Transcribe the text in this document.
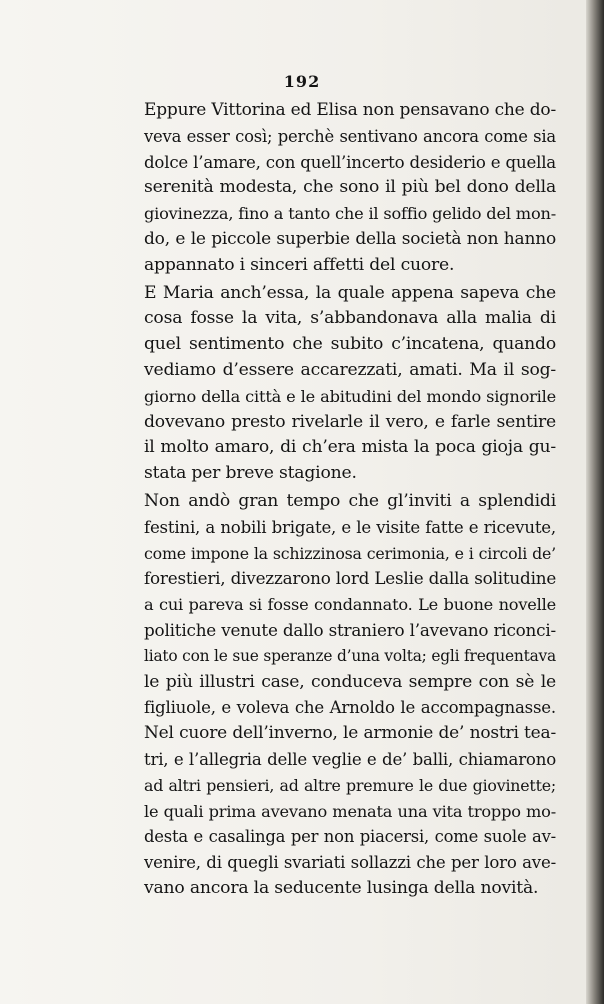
192

Eppure Vittorina ed Elisa non pensavano che do-
veva esser così; perchè sentivano ancora come sia
dolce l’amare, con quell’incerto desiderio e quella
serenità modesta, che sono il più bel dono della
giovinezza, fino a tanto che il soffio gelido del mon-
do, e le piccole superbie della società non hanno
appannato i sinceri affetti del cuore.

E Maria anch’essa, la quale appena sapeva che
cosa fosse la vita, s’abbandonava alla malia di
quel sentimento che subito c’incatena, quando
vediamo d’essere accarezzati, amati. Ma il sog-
giorno della città e le abitudini del mondo signorile
dovevano presto rivelarle il vero, e farle sentire
il molto amaro, di ch’era mista la poca gioja gu-
stata per breve stagione.

Non andò gran tempo che gl’inviti a splendidi
festini, a nobili brigate, e le visite fatte e ricevute,
come impone la schizzinosa cerimonia, e i circoli de’
forestieri, divezzarono lord Leslie dalla solitudine
a cui pareva si fosse condannato. Le buone novelle
politiche venute dallo straniero l’avevano riconci-
liato con le sue speranze d’una volta; egli frequentava
le più illustri case, conduceva sempre con sè le
figliuole, e voleva che Arnoldo le accompagnasse.
Nel cuore dell’inverno, le armonie de’ nostri tea-
tri, e l’allegria delle veglie e de’ balli, chiamarono
ad altri pensieri, ad altre premure le due giovinette;
le quali prima avevano menata una vita troppo mo-
desta e casalinga per non piacersi, come suole av-
venire, di quegli svariati sollazzi che per loro ave-
vano ancora la seducente lusinga della novità.
